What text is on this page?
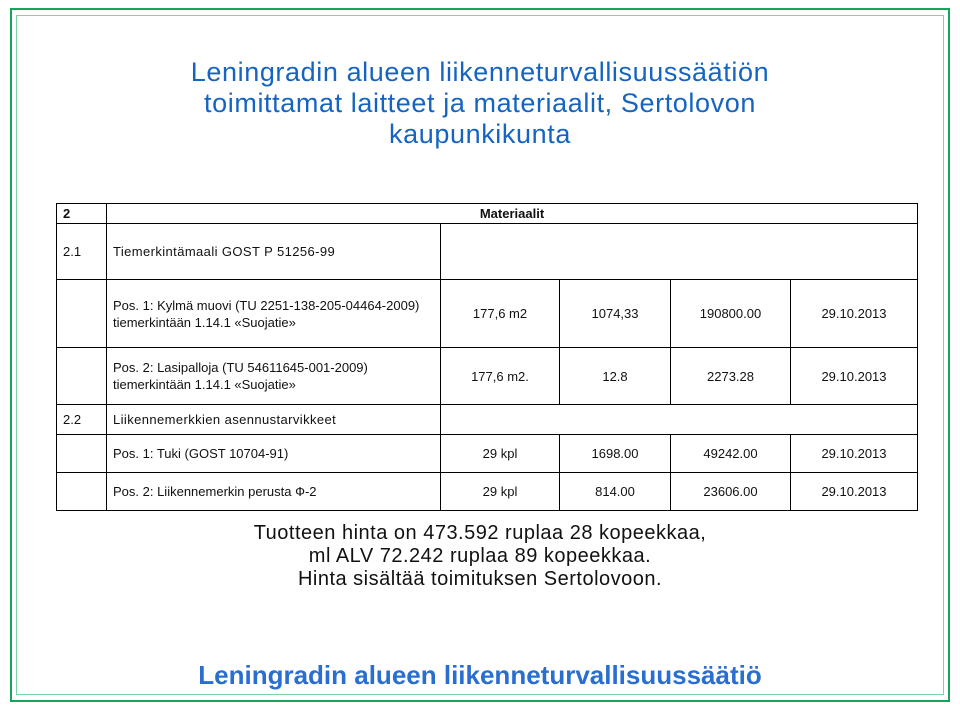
Leningradin alueen liikenneturvallisuussäätiön
toimittamat laitteet ja materiaalit, Sertolovon
kaupunkikunta
2	Materiaalit				
2.1	Tiemerkintämaali GOST P 51256-99				
	Pos. 1: Kylmä muovi (TU 2251-138-205-04464-2009) tiemerkintään 1.14.1 «Suojatie»	177,6 m2	1074,33	190800.00	29.10.2013
	Pos. 2: Lasipalloja (TU 54611645-001-2009) tiemerkintään 1.14.1 «Suojatie»	177,6 m2.	12.8	2273.28	29.10.2013
2.2	Liikennemerkkien asennustarvikkeet				
	Pos. 1: Tuki (GOST 10704-91)	29 kpl	1698.00	49242.00	29.10.2013
	Pos. 2: Liikennemerkin perusta Ф-2	29 kpl	814.00	23606.00	29.10.2013
Tuotteen hinta on 473.592 ruplaa 28 kopeekkaa,
ml ALV 72.242 ruplaa 89 kopeekkaa.
Hinta sisältää toimituksen Sertolovoon.
Leningradin alueen liikenneturvallisuussäätiö
